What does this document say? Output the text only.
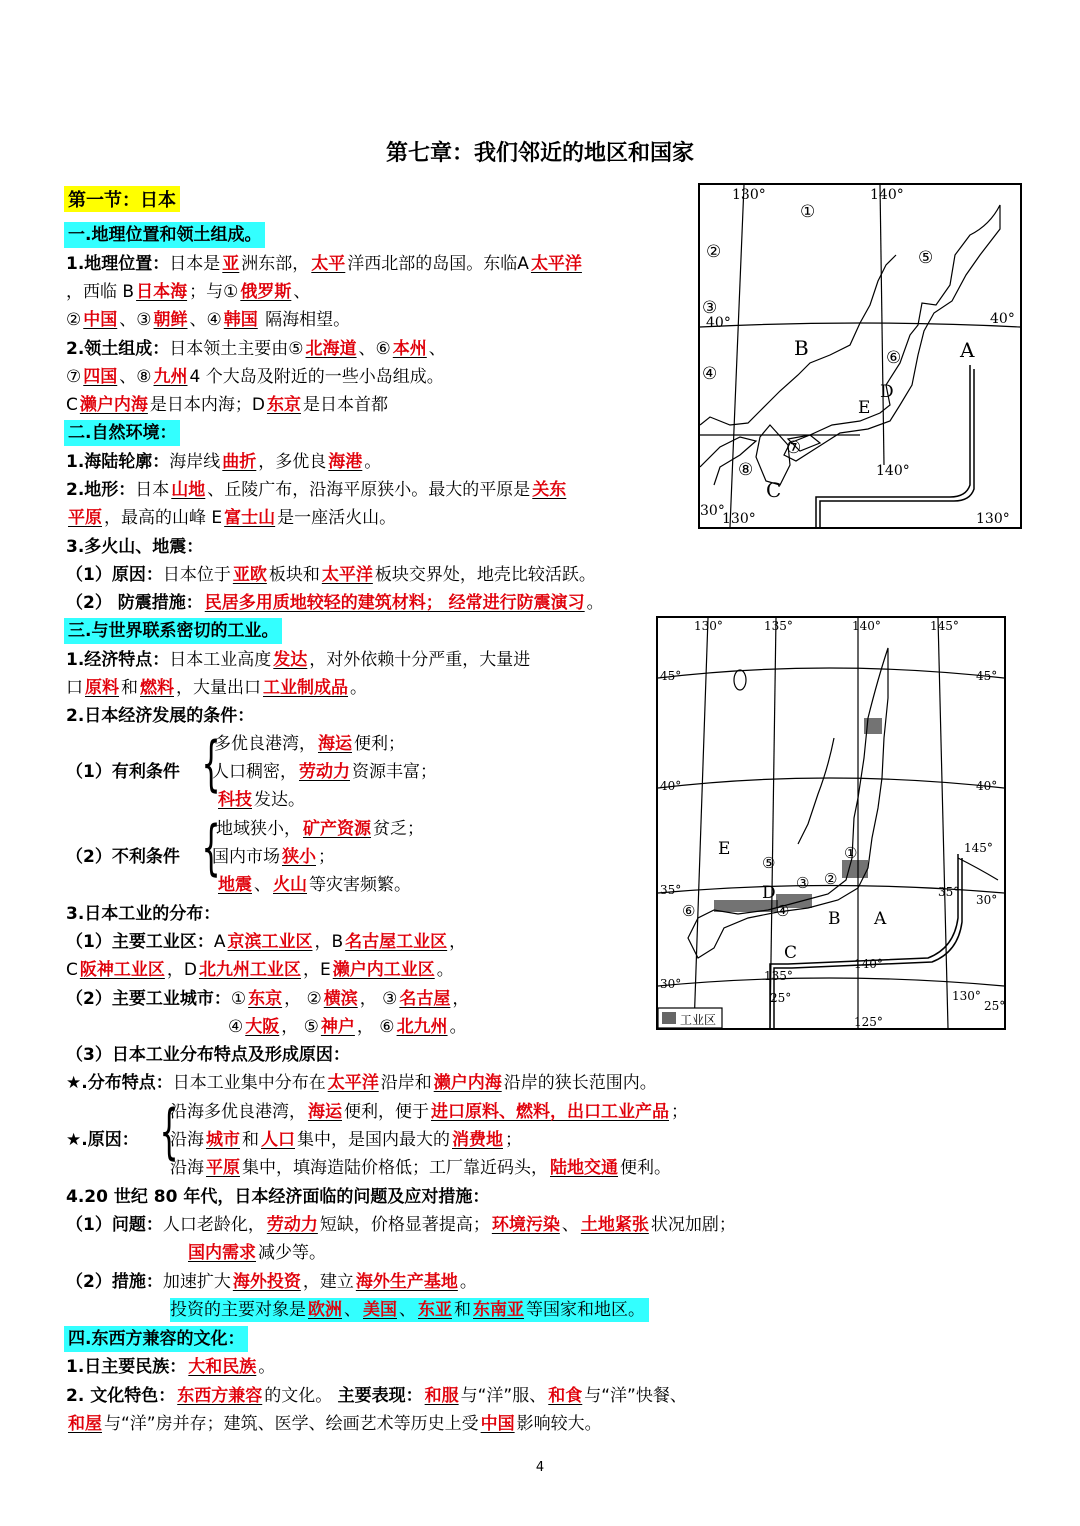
第七章：我们邻近的地区和国家
第一节：日本
一.地理位置和领土组成。
1.地理位置：日本是 亚 洲东部， 太平 洋西北部的岛国。东临A 太平洋
，西临 B 日本海 ；与① 俄罗斯 、
② 中国 、③ 朝鲜 、④ 韩国 隔海相望。
2.领土组成：日本领土主要由⑤ 北海道 、⑥ 本州 、
⑦ 四国 、⑧ 九州 4 个大岛及附近的一些小岛组成。
C 濑户内海 是日本内海；D 东京 是日本首都
二.自然环境：
1.海陆轮廓：海岸线 曲折 ，多优良 海港 。
2.地形：日本 山地 、丘陵广布，沿海平原狭小。最大的平原是 关东
平原 ，最高的山峰 E 富士山 是一座活火山。
3.多火山、地震：
（1）原因：日本位于 亚欧 板块和 太平洋 板块交界处，地壳比较活跃。
（2） 防震措施： 民居多用质地较轻的建筑材料； 经常进行防震演习 。
三.与世界联系密切的工业。
1.经济特点：日本工业高度 发达 ，对外依赖十分严重，大量进
口 原料 和 燃料 ，大量出口 工业制成品 。
2.日本经济发展的条件：
多优良港湾， 海运 便利；
（1）有利条件 {
人口稠密， 劳动力 资源丰富；
科技 发达。
地域狭小， 矿产资源 贫乏；
（2）不利条件 {
国内市场 狭小 ；
地震 、 火山 等灾害频繁。
3.日本工业的分布：
（1）主要工业区：A 京滨工业区 ，B 名古屋工业区 ，
C 阪神工业区 ，D 北九州工业区 ，E 濑户内工业区 。
（2）主要工业城市：① 东京 ， ② 横滨 ， ③ 名古屋 ，
④ 大阪 ， ⑤ 神户 ， ⑥ 北九州 。
（3）日本工业分布特点及形成原因：
★.分布特点：日本工业集中分布在 太平洋 沿岸和 濑户内海 沿岸的狭长范围内。
沿海多优良港湾， 海运 便利，便于 进口原料、燃料，出口工业产品 ；
★.原因： {
沿海 城市 和 人口 集中，是国内最大的 消费地 ；
沿海 平原 集中，填海造陆价格低；工厂靠近码头， 陆地交通 便利。
4.20 世纪 80 年代，日本经济面临的问题及应对措施：
（1）问题：人口老龄化， 劳动力 短缺，价格显著提高； 环境污染 、 土地紧张 状况加剧；
国内需求 减少等。
（2）措施：加速扩大 海外投资 ，建立 海外生产基地 。
投资的主要对象是 欧洲 、 美国 、 东亚 和 东南亚 等国家和地区。
四.东西方兼容的文化：
1.日主要民族： 大和民族 。
2. 文化特色： 东西方兼容 的文化。 主要表现： 和服 与“洋”服、 和食 与“洋”快餐、
和屋 与“洋”房并存；建筑、医学、绘画艺术等历史上受 中国 影响较大。
130°	140°
40°	40°
30°
140°
130°	130°
①
②
③
④
⑤
⑥
⑦
⑧
A
B
C
D
E
130°	135°	140°	145°
45°	45°
40°	40°
35°	35°
30°
30°
145°
135°
140°
130°
125°
25°
25°
①
②
③
④
⑤
⑥	A
B
C
D
E
工业区
4
